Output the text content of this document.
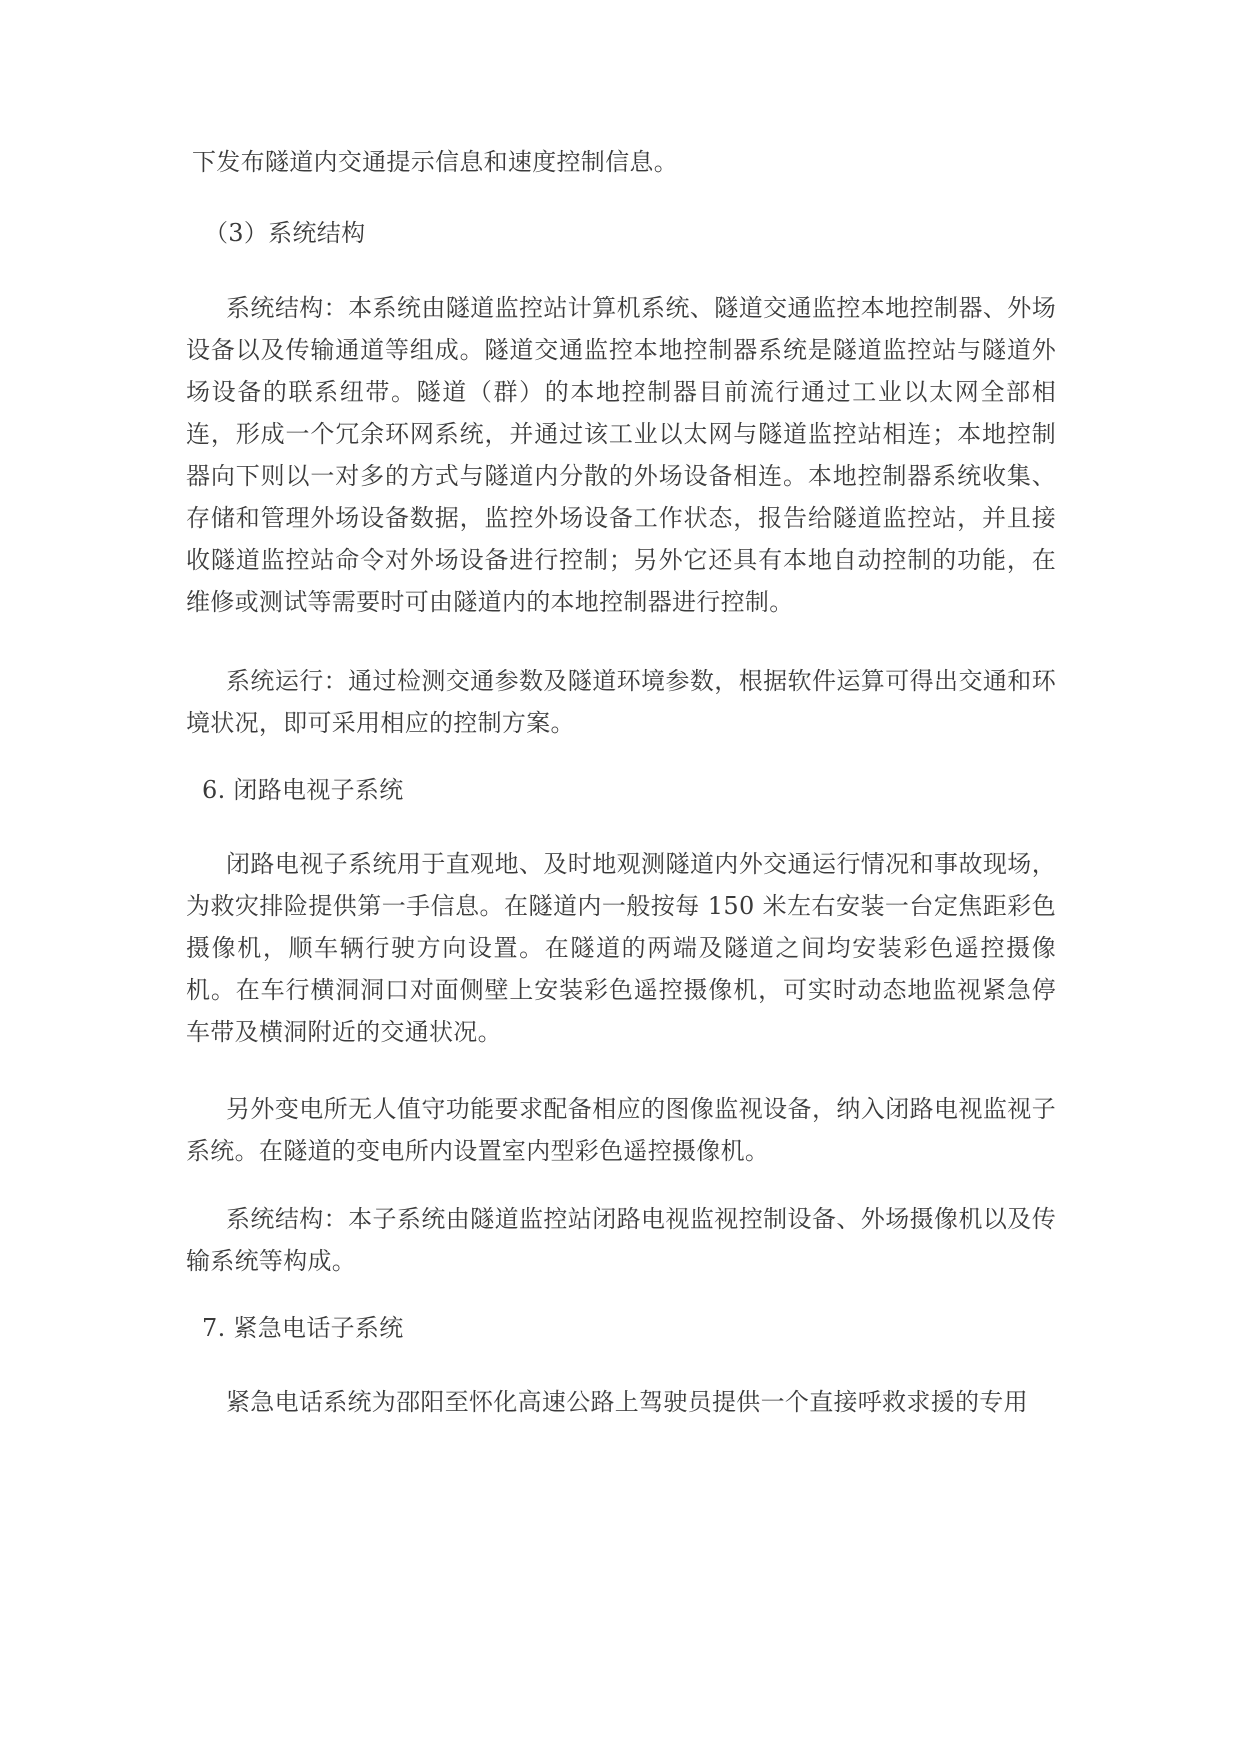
下发布隧道内交通提示信息和速度控制信息。

（3）系统结构

系统结构：本系统由隧道监控站计算机系统、隧道交通监控本地控制器、外场设备以及传输通道等组成。隧道交通监控本地控制器系统是隧道监控站与隧道外场设备的联系纽带。隧道（群）的本地控制器目前流行通过工业以太网全部相连，形成一个冗余环网系统，并通过该工业以太网与隧道监控站相连；本地控制器向下则以一对多的方式与隧道内分散的外场设备相连。本地控制器系统收集、存储和管理外场设备数据，监控外场设备工作状态，报告给隧道监控站，并且接收隧道监控站命令对外场设备进行控制；另外它还具有本地自动控制的功能，在维修或测试等需要时可由隧道内的本地控制器进行控制。

系统运行：通过检测交通参数及隧道环境参数，根据软件运算可得出交通和环境状况，即可采用相应的控制方案。

6. 闭路电视子系统

闭路电视子系统用于直观地、及时地观测隧道内外交通运行情况和事故现场，为救灾排险提供第一手信息。在隧道内一般按每 150 米左右安装一台定焦距彩色摄像机，顺车辆行驶方向设置。在隧道的两端及隧道之间均安装彩色遥控摄像机。在车行横洞洞口对面侧壁上安装彩色遥控摄像机，可实时动态地监视紧急停车带及横洞附近的交通状况。

另外变电所无人值守功能要求配备相应的图像监视设备，纳入闭路电视监视子系统。在隧道的变电所内设置室内型彩色遥控摄像机。

系统结构：本子系统由隧道监控站闭路电视监视控制设备、外场摄像机以及传输系统等构成。

7. 紧急电话子系统

紧急电话系统为邵阳至怀化高速公路上驾驶员提供一个直接呼救求援的专用
